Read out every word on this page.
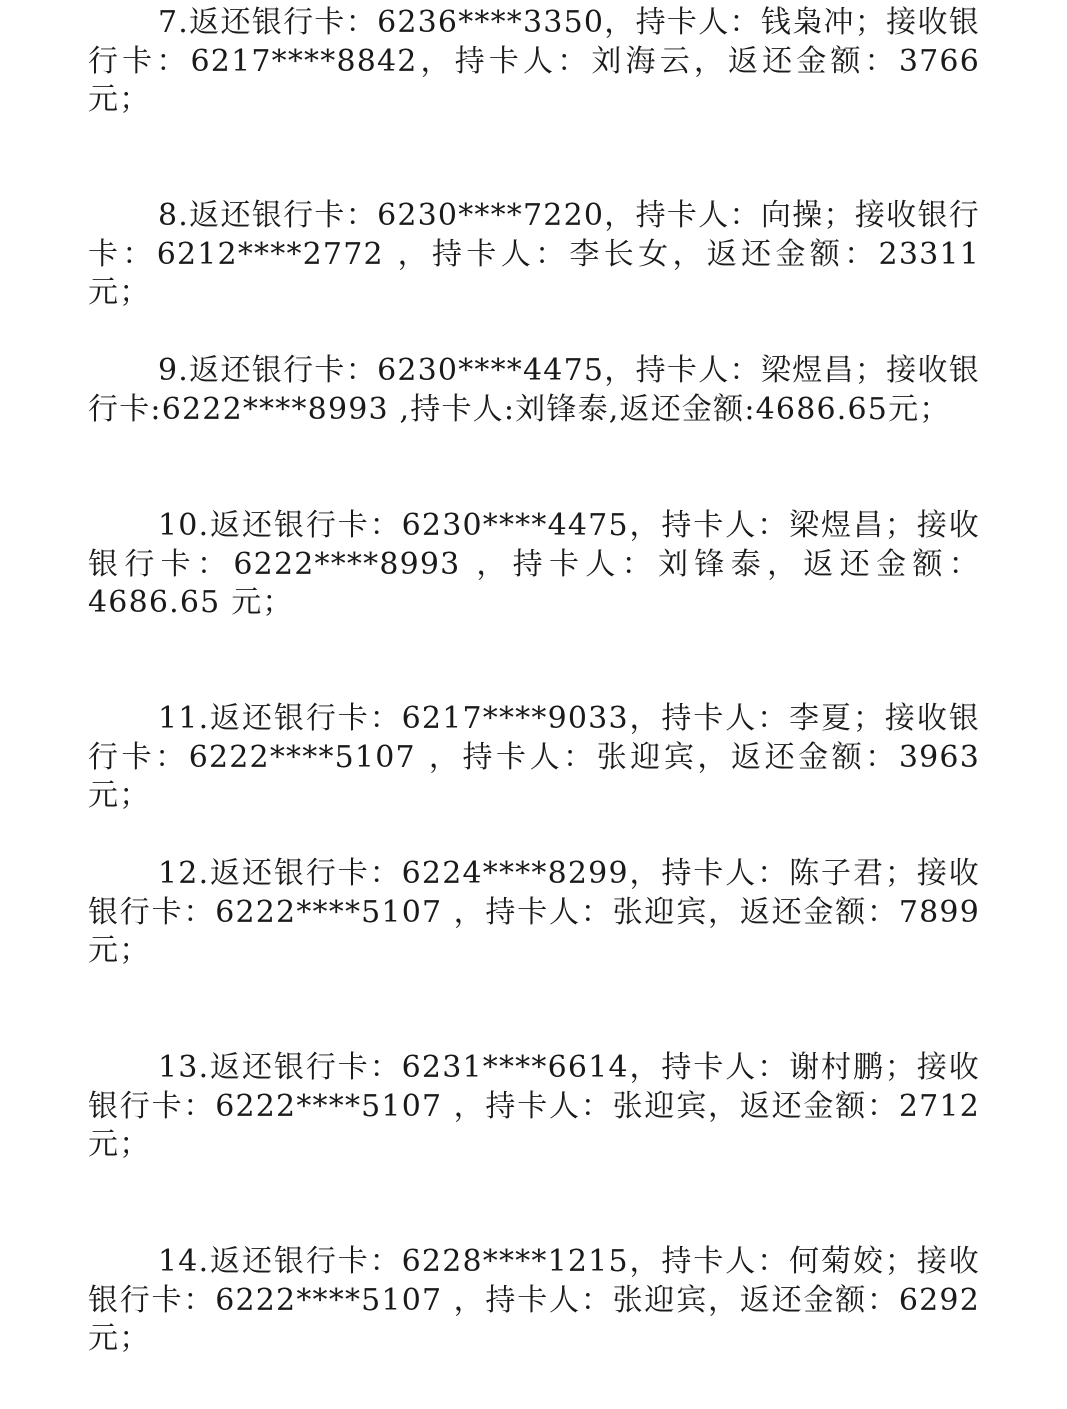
7.返还银行卡：6236****3350，持卡人：钱枭冲；接收银行卡：6217****8842，持卡人：刘海云，返还金额：3766元；

8.返还银行卡：6230****7220，持卡人：向操；接收银行卡：6212****2772 ，持卡人：李长女，返还金额：23311元；

9.返还银行卡：6230****4475，持卡人：梁煜昌；接收银行卡:6222****8993 ,持卡人:刘锋泰,返还金额:4686.65元；

10.返还银行卡：6230****4475，持卡人：梁煜昌；接收银行卡：6222****8993 ，持卡人：刘锋泰，返还金额：4686.65 元；

11.返还银行卡：6217****9033，持卡人：李夏；接收银行卡：6222****5107 ，持卡人：张迎宾，返还金额：3963元；

12.返还银行卡：6224****8299，持卡人：陈子君；接收银行卡：6222****5107 ，持卡人：张迎宾，返还金额：7899 元；

13.返还银行卡：6231****6614，持卡人：谢村鹏；接收银行卡：6222****5107 ，持卡人：张迎宾，返还金额：2712 元；

14.返还银行卡：6228****1215，持卡人：何菊姣；接收银行卡：6222****5107 ，持卡人：张迎宾，返还金额：6292 元；
